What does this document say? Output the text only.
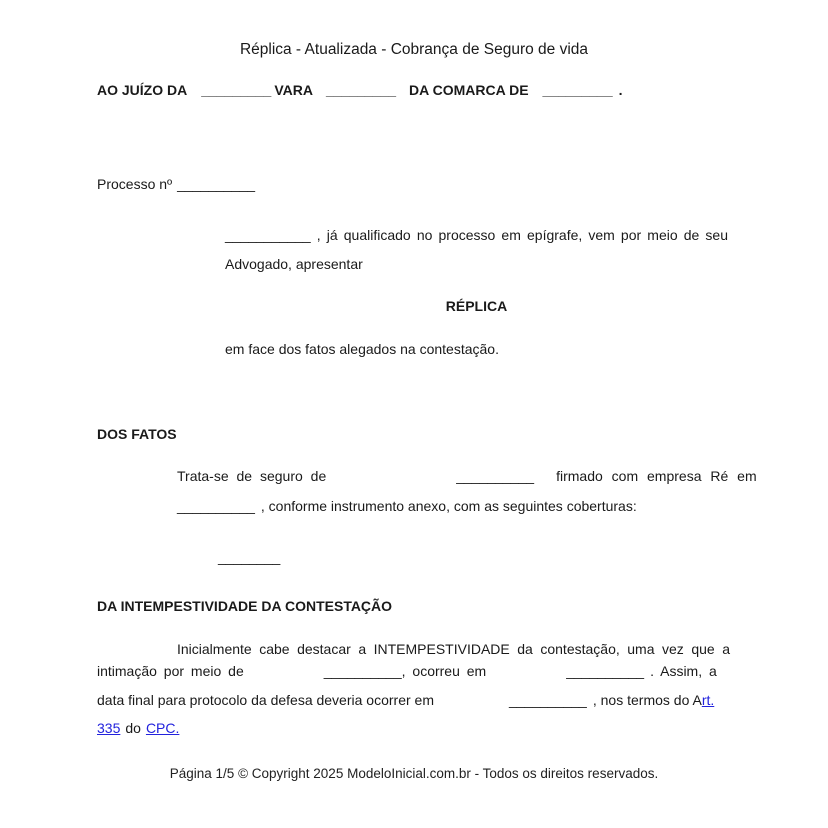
Réplica - Atualizada - Cobrança de Seguro de vida
AO JUÍZO DA _________ VARA _________ DA COMARCA DE _________ .
Processo nº __________
___________ , já qualificado no processo em epígrafe, vem por meio de seu
Advogado, apresentar
RÉPLICA
em face dos fatos alegados na contestação.
DOS FATOS
Trata-se de seguro de	__________ firmado com empresa Ré em
__________ , conforme instrumento anexo, com as seguintes coberturas:
________
DA INTEMPESTIVIDADE DA CONTESTAÇÃO
Inicialmente cabe destacar a INTEMPESTIVIDADE da contestação, uma vez que a
intimação por meio de	__________, ocorreu em	__________ . Assim, a
data final para protocolo da defesa deveria ocorrer em	__________ , nos termos do Art.
335 do CPC.
Página 1/5 © Copyright 2025 ModeloInicial.com.br - Todos os direitos reservados.
